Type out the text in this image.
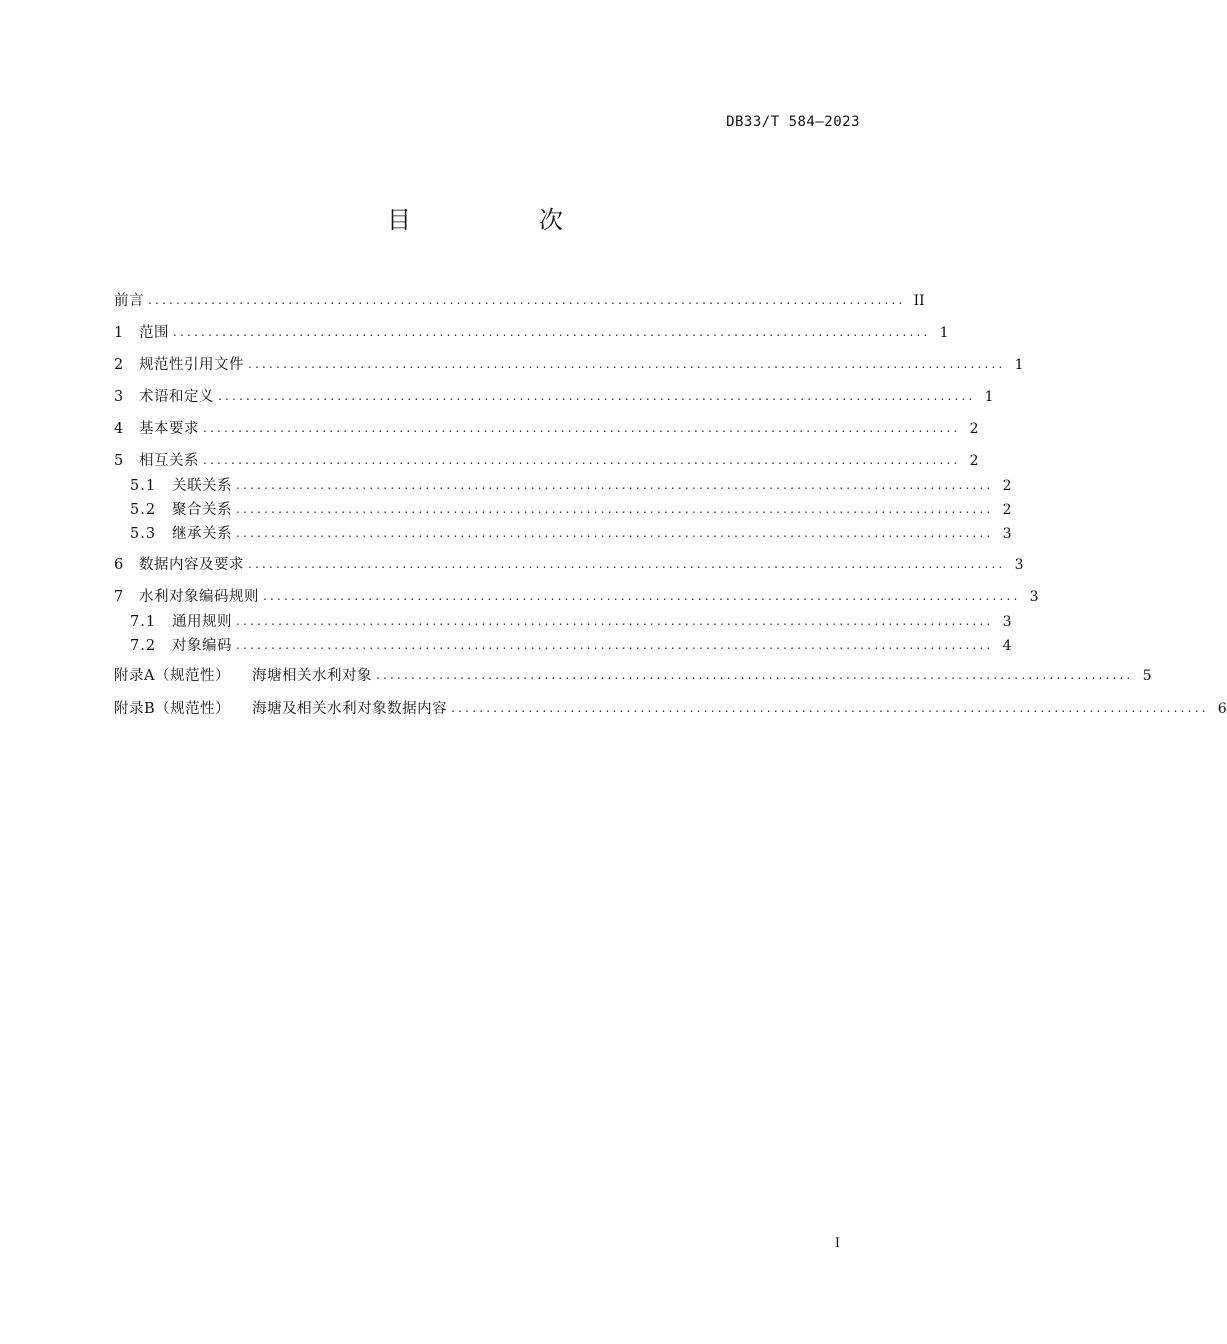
DB33/T 584—2023
目　次
前言 ............................................................................................................ II
1	范围 ............................................................................................................ 1
2	规范性引用文件 ............................................................................................................ 1
3	术语和定义 ............................................................................................................ 1
4	基本要求 ............................................................................................................ 2
5	相互关系 ............................................................................................................ 2
5.1	关联关系 ............................................................................................................ 2
5.2	聚合关系 ............................................................................................................ 2
5.3	继承关系 ............................................................................................................ 3
6	数据内容及要求 ............................................................................................................ 3
7	水利对象编码规则 ............................................................................................................ 3
7.1	通用规则 ............................................................................................................ 3
7.2	对象编码 ............................................................................................................ 4
附录A（规范性） 海塘相关水利对象 ............................................................................................................ 5
附录B（规范性） 海塘及相关水利对象数据内容 ............................................................................................................ 6
I
